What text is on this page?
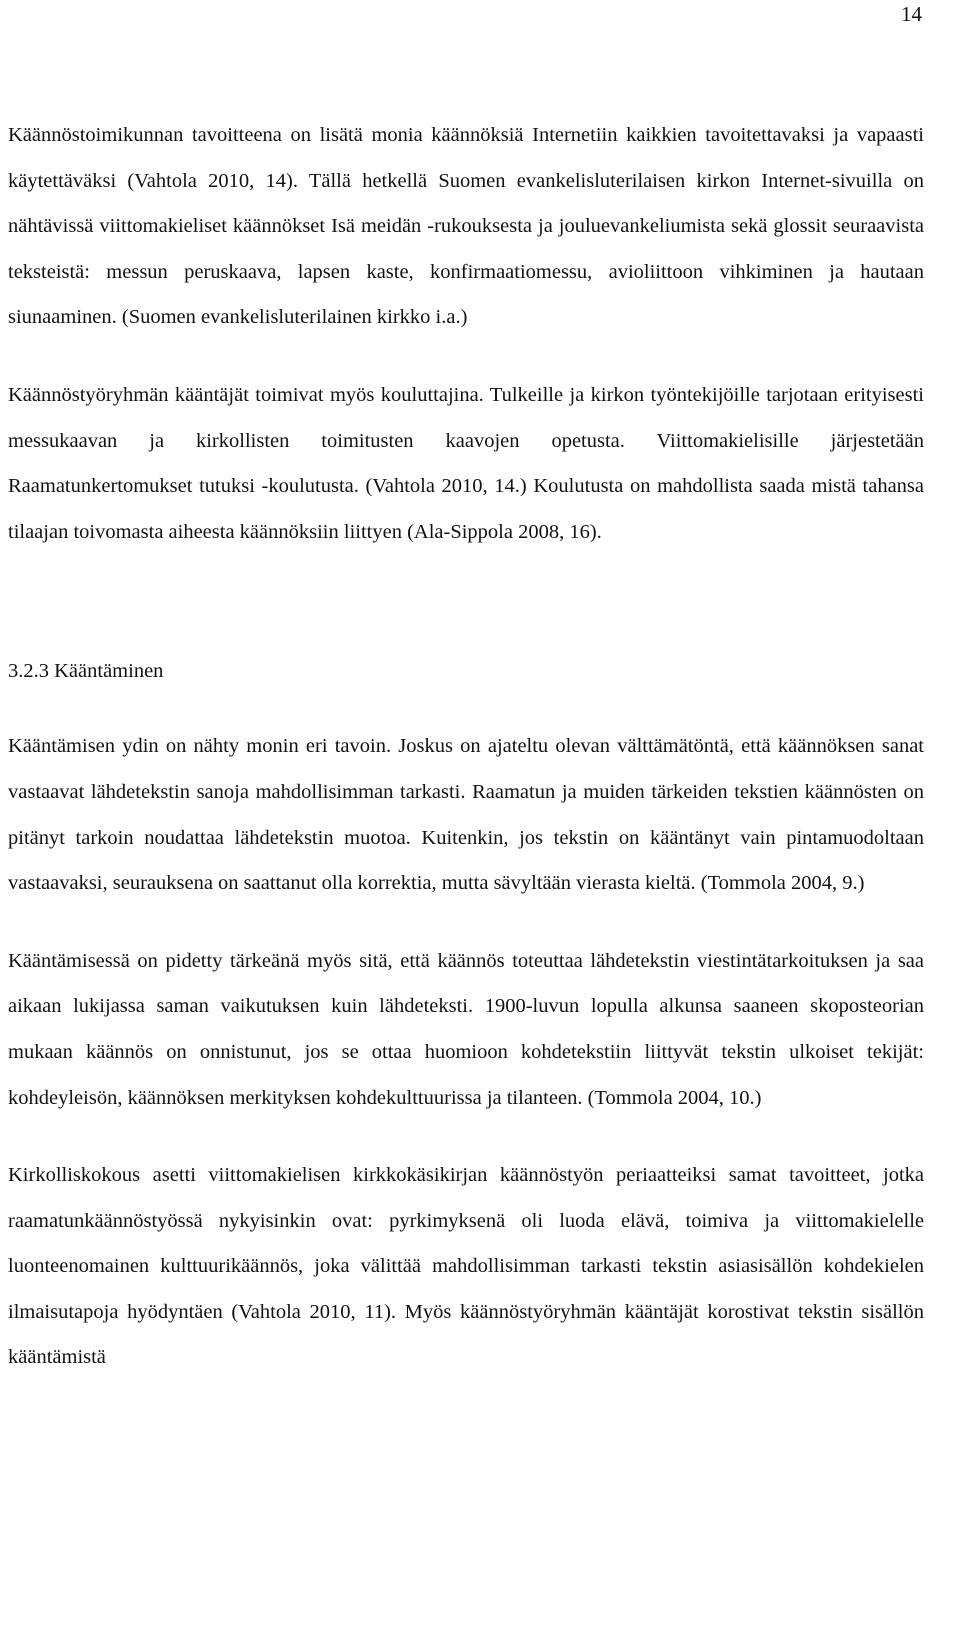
14

Käännöstoimikunnan tavoitteena on lisätä monia käännöksiä Internetiin kaikkien tavoitettavaksi ja vapaasti käytettäväksi (Vahtola 2010, 14). Tällä hetkellä Suomen evankelisluterilaisen kirkon Internet-sivuilla on nähtävissä viittomakieliset käännökset Isä meidän -rukouksesta ja jouluevankeliumista sekä glossit seuraavista teksteistä: messun peruskaava, lapsen kaste, konfirmaatiomessu, avioliittoon vihkiminen ja hautaan siunaaminen. (Suomen evankelisluterilainen kirkko i.a.)

Käännöstyöryhmän kääntäjät toimivat myös kouluttajina. Tulkeille ja kirkon työntekijöille tarjotaan erityisesti messukaavan ja kirkollisten toimitusten kaavojen opetusta. Viittomakielisille järjestetään Raamatunkertomukset tutuksi -koulutusta. (Vahtola 2010, 14.) Koulutusta on mahdollista saada mistä tahansa tilaajan toivomasta aiheesta käännöksiin liittyen (Ala-Sippola 2008, 16).

3.2.3 Kääntäminen

Kääntämisen ydin on nähty monin eri tavoin. Joskus on ajateltu olevan välttämätöntä, että käännöksen sanat vastaavat lähdetekstin sanoja mahdollisimman tarkasti. Raamatun ja muiden tärkeiden tekstien käännösten on pitänyt tarkoin noudattaa lähdetekstin muotoa. Kuitenkin, jos tekstin on kääntänyt vain pintamuodoltaan vastaavaksi, seurauksena on saattanut olla korrektia, mutta sävyltään vierasta kieltä. (Tommola 2004, 9.)

Kääntämisessä on pidetty tärkeänä myös sitä, että käännös toteuttaa lähdetekstin viestintätarkoituksen ja saa aikaan lukijassa saman vaikutuksen kuin lähdeteksti. 1900-luvun lopulla alkunsa saaneen skoposteorian mukaan käännös on onnistunut, jos se ottaa huomioon kohdetekstiin liittyvät tekstin ulkoiset tekijät: kohdeyleisön, käännöksen merkityksen kohdekulttuurissa ja tilanteen. (Tommola 2004, 10.)

Kirkolliskokous asetti viittomakielisen kirkkokäsikirjan käännöstyön periaatteiksi samat tavoitteet, jotka raamatunkäännöstyössä nykyisinkin ovat: pyrkimyksenä oli luoda elävä, toimiva ja viittomakielelle luonteenomainen kulttuurikäännös, joka välittää mahdollisimman tarkasti tekstin asiasisällön kohdekielen ilmaisutapoja hyödyntäen (Vahtola 2010, 11). Myös käännöstyöryhmän kääntäjät korostivat tekstin sisällön kääntämistä
